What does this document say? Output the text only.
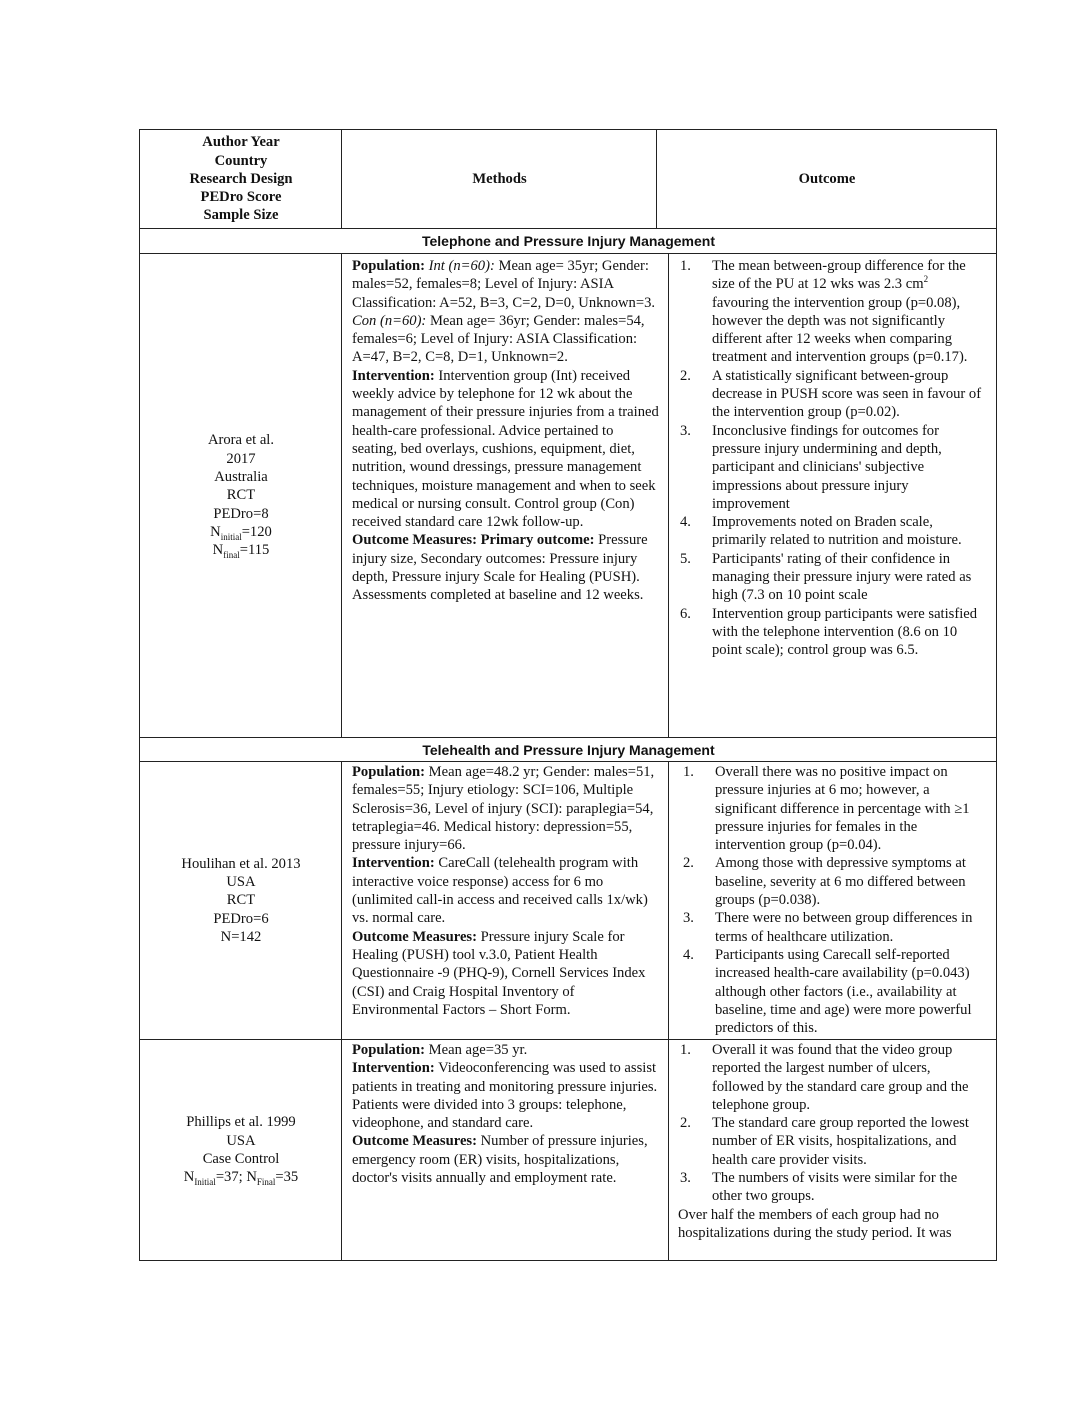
Author Year
Country
Research Design
PEDro Score
Sample Size
Methods	Outcome
Telephone and Pressure Injury Management
Arora et al.
2017
Australia
RCT
PEDro=8
$N_{initial}=120$
$N_{final}=115$

Population: Int (n=60): Mean age= 35yr; Gender: males=52, females=8; Level of Injury: ASIA Classification: A=52, B=3, C=2, D=0, Unknown=3.

Con (n=60): Mean age= 36yr; Gender: males=54, females=6; Level of Injury: ASIA Classification: A=47, B=2, C=8, D=1, Unknown=2.

Intervention: Intervention group (Int) received weekly advice by telephone for 12 wk about the management of their pressure injuries from a trained health-care professional. Advice pertained to seating, bed overlays, cushions, equipment, diet, nutrition, wound dressings, pressure management techniques, moisture management and when to seek medical or nursing consult. Control group (Con) received standard care 12wk follow-up.

Outcome Measures: Primary outcome: Pressure injury size, Secondary outcomes: Pressure injury depth, Pressure injury Scale for Healing (PUSH). Assessments completed at baseline and 12 weeks.

1. The mean between-group difference for the size of the PU at 12 wks was 2.3 $cm^2$ favouring the intervention group (p=0.08), however the depth was not significantly different after 12 weeks when comparing treatment and intervention groups (p=0.17).
2. A statistically significant between-group decrease in PUSH score was seen in favour of the intervention group (p=0.02).
3. Inconclusive findings for outcomes for pressure injury undermining and depth, participant and clinicians' subjective impressions about pressure injury improvement
4. Improvements noted on Braden scale, primarily related to nutrition and moisture.
5. Participants' rating of their confidence in managing their pressure injury were rated as high (7.3 on 10 point scale
6. Intervention group participants were satisfied with the telephone intervention (8.6 on 10 point scale); control group was 6.5.
Telehealth and Pressure Injury Management
Houlihan et al. 2013
USA
RCT
PEDro=6
N=142

Population: Mean age=48.2 yr; Gender: males=51, females=55; Injury etiology: SCI=106, Multiple Sclerosis=36, Level of injury (SCI): paraplegia=54, tetraplegia=46. Medical history: depression=55, pressure injury=66.

Intervention: CareCall (telehealth program with interactive voice response) access for 6 mo (unlimited call-in access and received calls 1x/wk) vs. normal care.

Outcome Measures: Pressure injury Scale for Healing (PUSH) tool v.3.0, Patient Health Questionnaire -9 (PHQ-9), Cornell Services Index (CSI) and Craig Hospital Inventory of Environmental Factors – Short Form.

1. Overall there was no positive impact on pressure injuries at 6 mo; however, a significant difference in percentage with ≥1 pressure injuries for females in the intervention group (p=0.04).
2. Among those with depressive symptoms at baseline, severity at 6 mo differed between groups (p=0.038).
3. There were no between group differences in terms of healthcare utilization.
4. Participants using Carecall self-reported increased health-care availability (p=0.043) although other factors (i.e., availability at baseline, time and age) were more powerful predictors of this.
Phillips et al. 1999
USA
Case Control
$N_{Initial}=37$; $N_{Final}=35$

Population: Mean age=35 yr.

Intervention: Videoconferencing was used to assist patients in treating and monitoring pressure injuries. Patients were divided into 3 groups: telephone, videophone, and standard care.

Outcome Measures: Number of pressure injuries, emergency room (ER) visits, hospitalizations, doctor's visits annually and employment rate.

1. Overall it was found that the video group reported the largest number of ulcers, followed by the standard care group and the telephone group.
2. The standard care group reported the lowest number of ER visits, hospitalizations, and health care provider visits.
3. The numbers of visits were similar for the other two groups.

Over half the members of each group had no hospitalizations during the study period. It was
